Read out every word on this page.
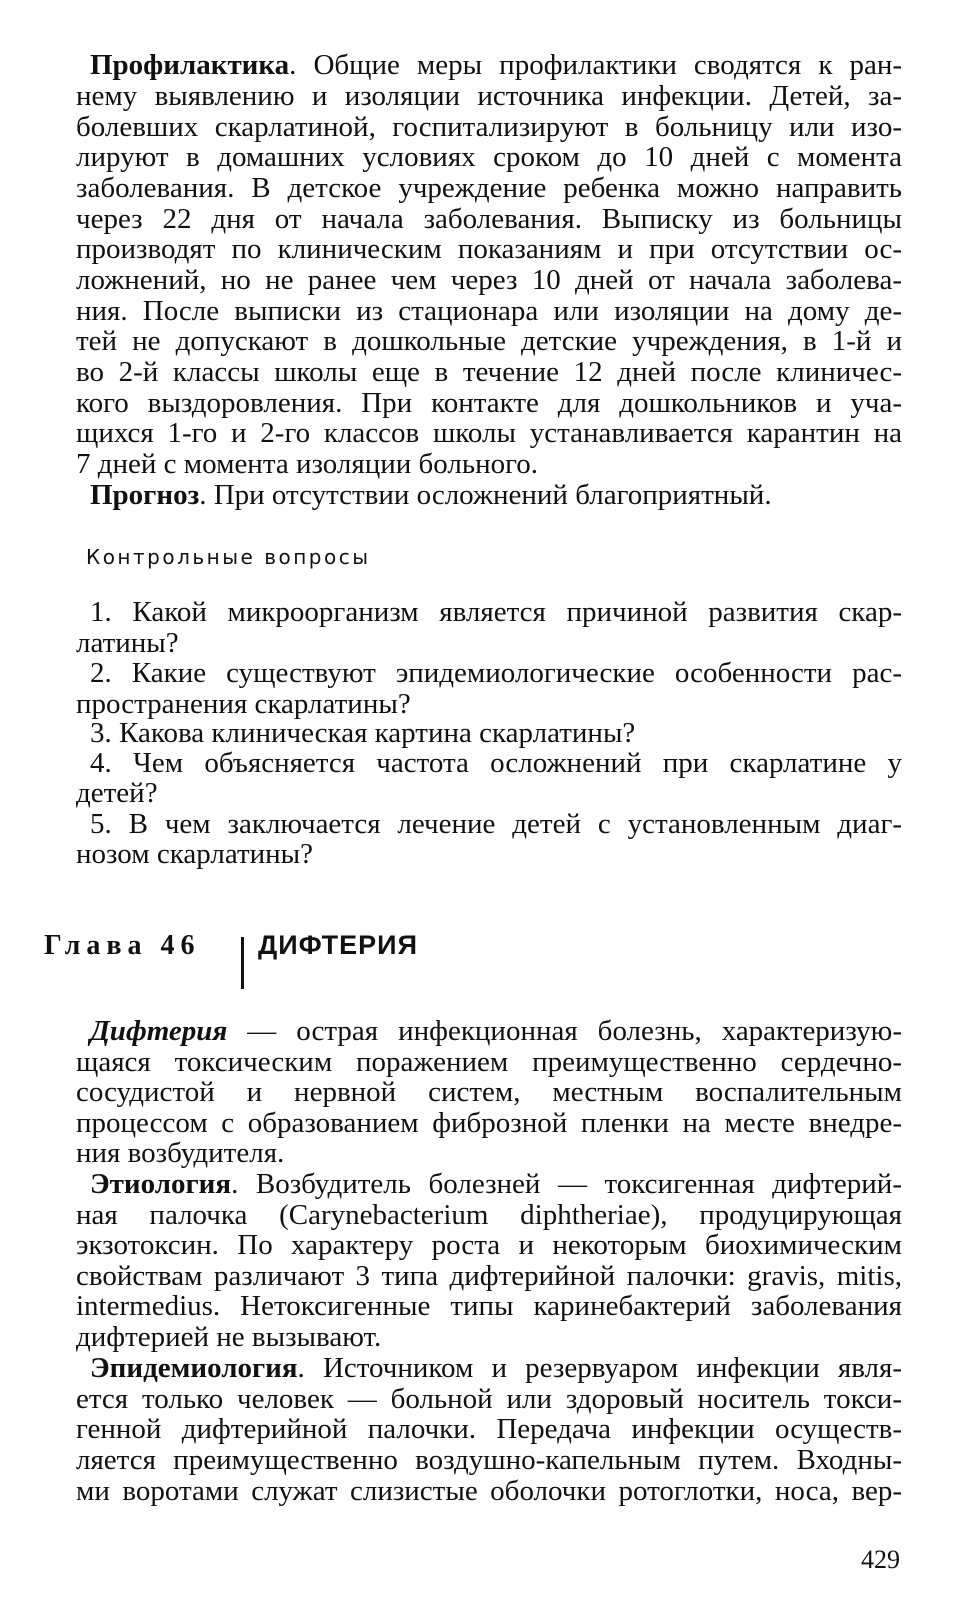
Профилактика. Общие меры профилактики сводятся к ран-
нему выявлению и изоляции источника инфекции. Детей, за-
болевших скарлатиной, госпитализируют в больницу или изо-
лируют в домашних условиях сроком до 10 дней с момента
заболевания. В детское учреждение ребенка можно направить
через 22 дня от начала заболевания. Выписку из больницы
производят по клиническим показаниям и при отсутствии ос-
ложнений, но не ранее чем через 10 дней от начала заболева-
ния. После выписки из стационара или изоляции на дому де-
тей не допускают в дошкольные детские учреждения, в 1-й и
во 2-й классы школы еще в течение 12 дней после клиничес-
кого выздоровления. При контакте для дошкольников и уча-
щихся 1-го и 2-го классов школы устанавливается карантин на
7 дней с момента изоляции больного.
Прогноз. При отсутствии осложнений благоприятный.
Контрольные вопросы
1. Какой микроорганизм является причиной развития скар-
латины?
2. Какие существуют эпидемиологические особенности рас-
пространения скарлатины?
3. Какова клиническая картина скарлатины?
4. Чем объясняется частота осложнений при скарлатине у
детей?
5. В чем заключается лечение детей с установленным диаг-
нозом скарлатины?
Глава 46 ДИФТЕРИЯ
Дифтерия — острая инфекционная болезнь, характеризую-
щаяся токсическим поражением преимущественно сердечно-
сосудистой и нервной систем, местным воспалительным
процессом с образованием фиброзной пленки на месте внедре-
ния возбудителя.
Этиология. Возбудитель болезней — токсигенная дифтерий-
ная палочка (Carynebacterium diphtheriae), продуцирующая
экзотоксин. По характеру роста и некоторым биохимическим
свойствам различают 3 типа дифтерийной палочки: gravis, mitis,
intermedius. Нетоксигенные типы каринебактерий заболевания
дифтерией не вызывают.
Эпидемиология. Источником и резервуаром инфекции явля-
ется только человек — больной или здоровый носитель токси-
генной дифтерийной палочки. Передача инфекции осуществ-
ляется преимущественно воздушно-капельным путем. Входны-
ми воротами служат слизистые оболочки ротоглотки, носа, вер-
429
